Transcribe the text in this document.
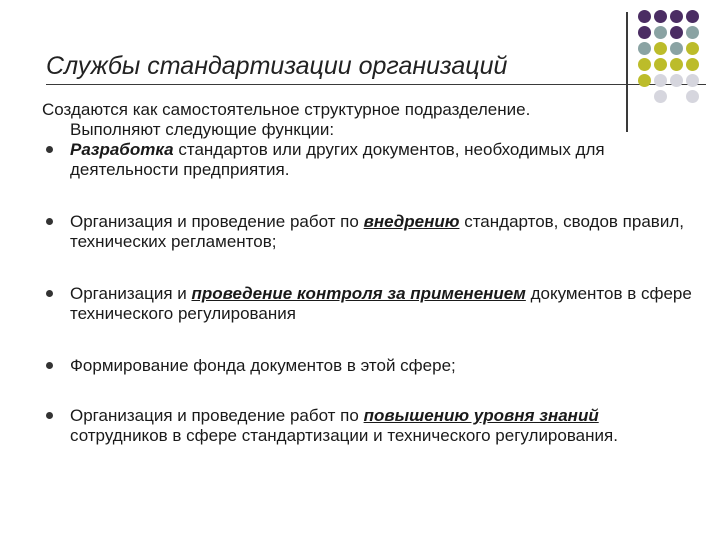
Службы стандартизации организаций

Создаются как самостоятельное структурное подразделение.

Выполняют следующие функции:

Разработка стандартов или других документов, необходимых для деятельности предприятия.

Организация и проведение работ по внедрению стандартов, сводов правил, технических регламентов;

Организация и проведение контроля за применением документов в сфере технического регулирования

Формирование фонда документов в этой сфере;

Организация и проведение работ по повышению уровня знаний сотрудников в сфере стандартизации и технического регулирования.
